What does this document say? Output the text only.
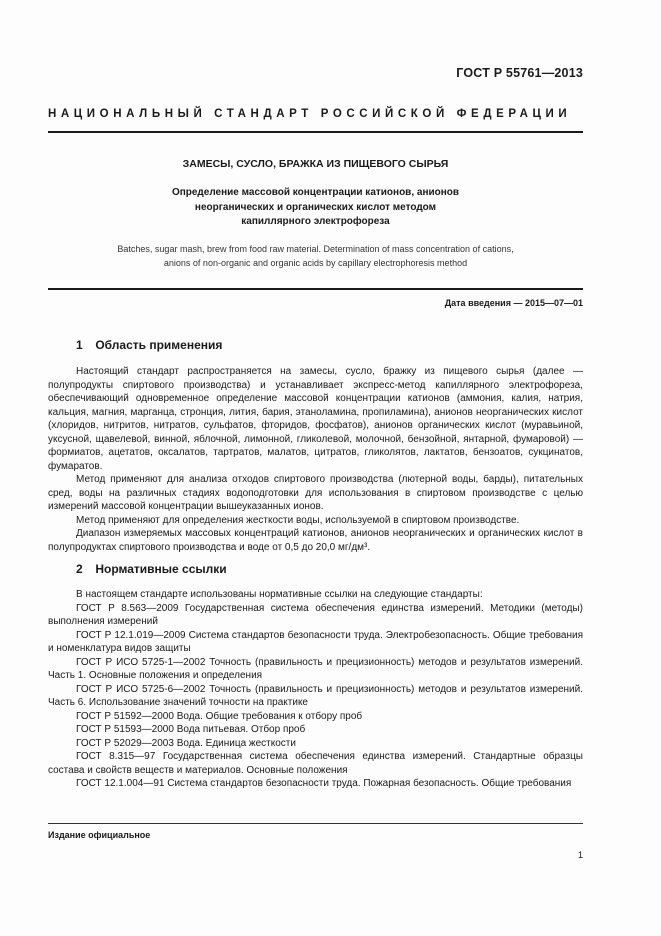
ГОСТ Р 55761—2013
НАЦИОНАЛЬНЫЙ СТАНДАРТ РОССИЙСКОЙ ФЕДЕРАЦИИ
ЗАМЕСЫ, СУСЛО, БРАЖКА ИЗ ПИЩЕВОГО СЫРЬЯ
Определение массовой концентрации катионов, анионов
неорганических и органических кислот методом
капиллярного электрофореза
Batches, sugar mash, brew from food raw material. Determination of mass concentration of cations,
anions of non-organic and organic acids by capillary electrophoresis method
Дата введения — 2015—07—01
1 Область применения

Настоящий стандарт распространяется на замесы, сусло, бражку из пищевого сырья (далее — полупродукты спиртового производства) и устанавливает экспресс-метод капиллярного электрофореза, обеспечивающий одновременное определение массовой концентрации катионов (аммония, калия, натрия, кальция, магния, марганца, стронция, лития, бария, этаноламина, пропиламина), анионов неорганических кислот (хлоридов, нитритов, нитратов, сульфатов, фторидов, фосфатов), анионов органических кислот (муравьиной, уксусной, щавелевой, винной, яблочной, лимонной, гликолевой, молочной, бензойной, янтарной, фумаровой) — формиатов, ацетатов, оксалатов, тартратов, малатов, цитратов, гликолятов, лактатов, бензоатов, сукцинатов, фумаратов.

Метод применяют для анализа отходов спиртового производства (лютерной воды, барды), питательных сред, воды на различных стадиях водоподготовки для использования в спиртовом производстве с целью измерений массовой концентрации вышеуказанных ионов.

Метод применяют для определения жесткости воды, используемой в спиртовом производстве.

Диапазон измеряемых массовых концентраций катионов, анионов неорганических и органических кислот в полупродуктах спиртового производства и воде от 0,5 до 20,0 мг/дм³.

2 Нормативные ссылки

В настоящем стандарте использованы нормативные ссылки на следующие стандарты:

ГОСТ Р 8.563—2009 Государственная система обеспечения единства измерений. Методики (методы) выполнения измерений

ГОСТ Р 12.1.019—2009 Система стандартов безопасности труда. Электробезопасность. Общие требования и номенклатура видов защиты

ГОСТ Р ИСО 5725-1—2002 Точность (правильность и прецизионность) методов и результатов измерений. Часть 1. Основные положения и определения

ГОСТ Р ИСО 5725-6—2002 Точность (правильность и прецизионность) методов и результатов измерений. Часть 6. Использование значений точности на практике

ГОСТ Р 51592—2000 Вода. Общие требования к отбору проб

ГОСТ Р 51593—2000 Вода питьевая. Отбор проб

ГОСТ Р 52029—2003 Вода. Единица жесткости

ГОСТ 8.315—97 Государственная система обеспечения единства измерений. Стандартные образцы состава и свойств веществ и материалов. Основные положения

ГОСТ 12.1.004—91 Система стандартов безопасности труда. Пожарная безопасность. Общие требования

Издание официальное
1
